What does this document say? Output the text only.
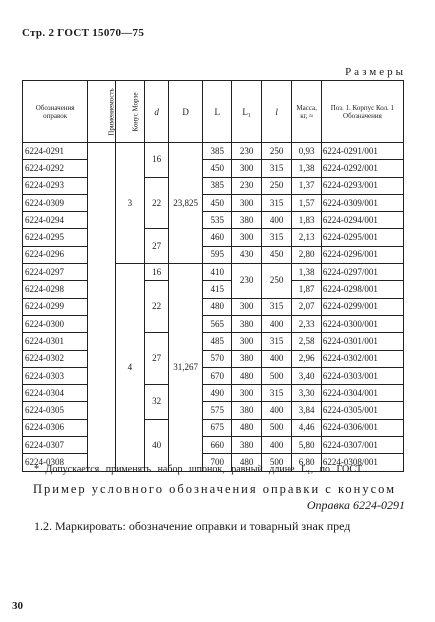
Стр. 2 ГОСТ 15070—75
Размеры
Обозначения оправок	Применяемость	Конус Морзе	d	D	L	L₁	l	Масса, кг, ≈	Поз. 1. Корпус Кол. 1 Обозначения
6224-0291		3	16	23,825	385	230	250	0,93	6224-0291/001
6224-0292					450	300	315	1,38	6224-0292/001
6224-0293			22		385	230	250	1,37	6224-0293/001
6224-0309					450	300	315	1,57	6224-0309/001
6224-0294					535	380	400	1,83	6224-0294/001
6224-0295			27		460	300	315	2,13	6224-0295/001
6224-0296					595	430	450	2,80	6224-0296/001
6224-0297		4	16	31,267	410	230	250	1,38	6224-0297/001
6224-0298			22		415			1,87	6224-0298/001
6224-0299					480	300	315	2,07	6224-0299/001
6224-0300					565	380	400	2,33	6224-0300/001
6224-0301			27		485	300	315	2,58	6224-0301/001
6224-0302					570	380	400	2,96	6224-0302/001
6224-0303					670	480	500	3,40	6224-0303/001
6224-0304			32		490	300	315	3,30	6224-0304/001
6224-0305					575	380	400	3,84	6224-0305/001
6224-0306			40		675	480	500	4,46	6224-0306/001
6224-0307					660	380	400	5,80	6224-0307/001
6224-0308					700	480	500	6,80	6224-0308/001
* Допускается применять набор шпонок, равный длине L₁, по ГОСТ
Пример условного обозначения оправки с конусом
Оправка 6224-0291
1.2. Маркировать: обозначение оправки и товарный знак пред
30
